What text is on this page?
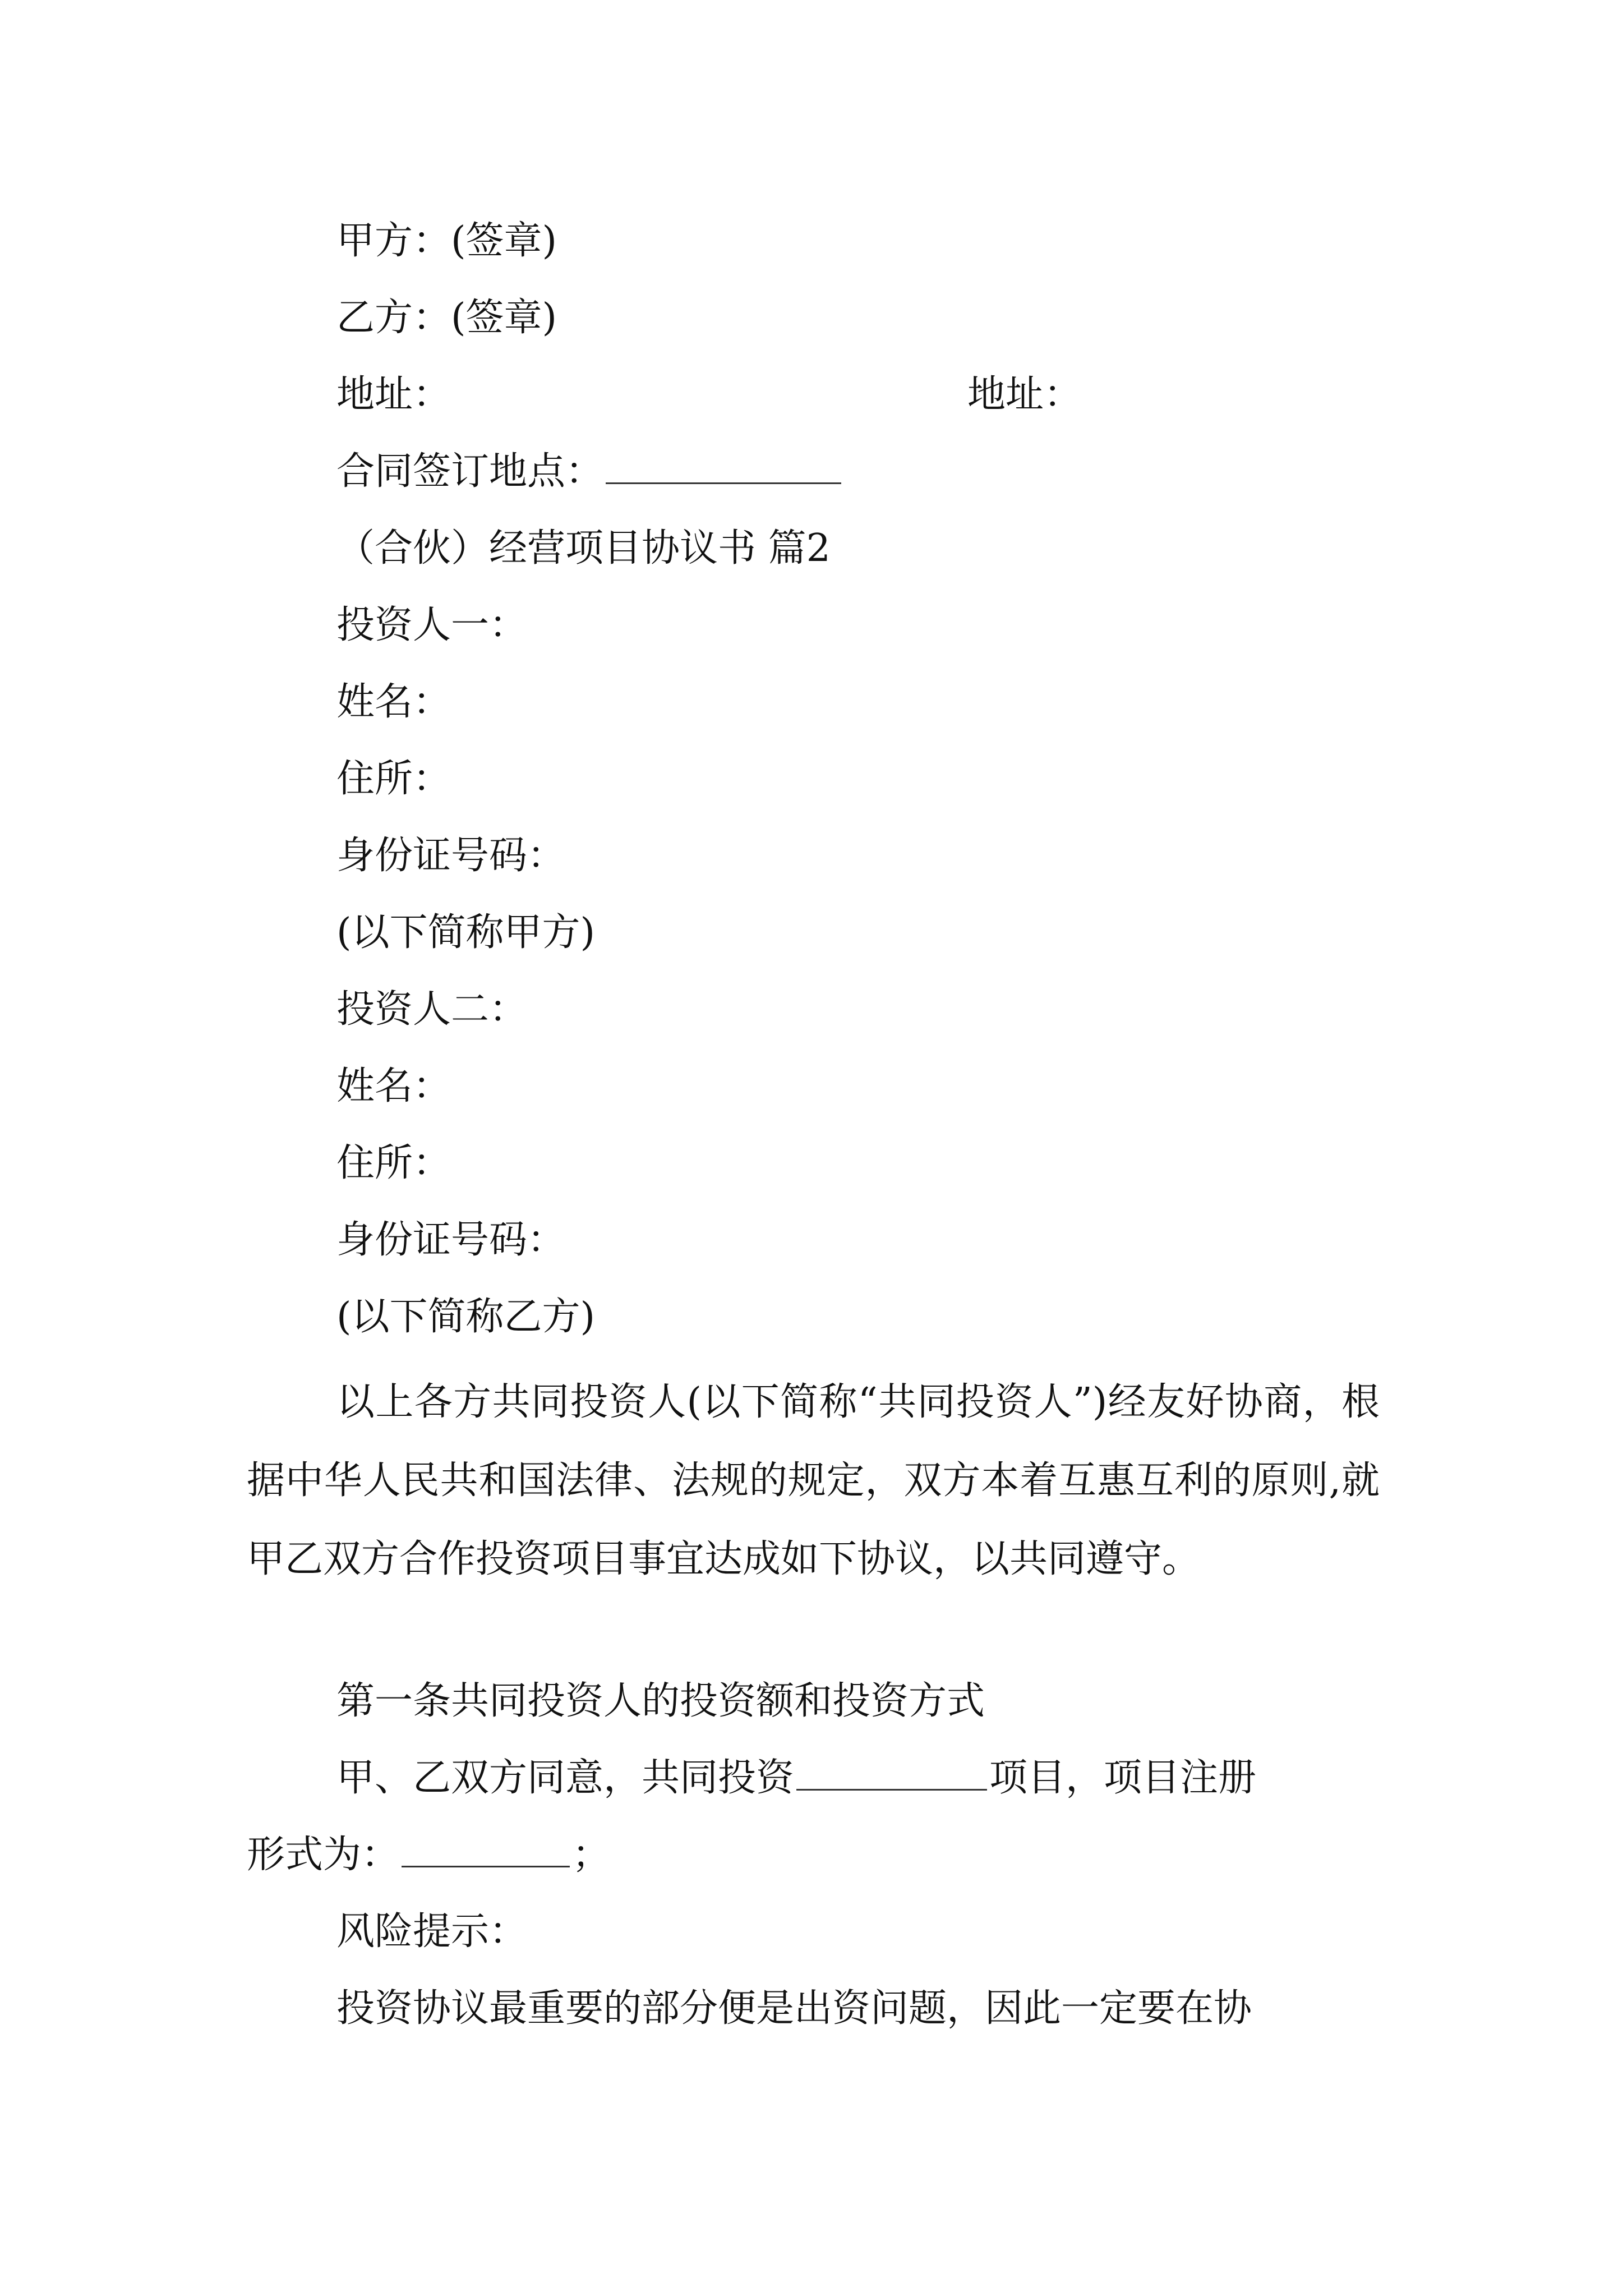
甲方：(签章)
乙方：(签章)
地址：	地址：
合同签订地点：
（合伙）经营项目协议书 篇2
投资人一：
姓名：
住所：
身份证号码：
(以下简称甲方)
投资人二：
姓名：
住所：
身份证号码：
(以下简称乙方)
以上各方共同投资人(以下简称“共同投资人”)经友好协商，根据中华人民共和国法律、法规的规定，双方本着互惠互利的原则,就甲乙双方合作投资项目事宜达成如下协议，以共同遵守。
第一条共同投资人的投资额和投资方式
甲、乙双方同意，共同投资	项目，项目注册
形式为：	；
风险提示：
投资协议最重要的部分便是出资问题，因此一定要在协
